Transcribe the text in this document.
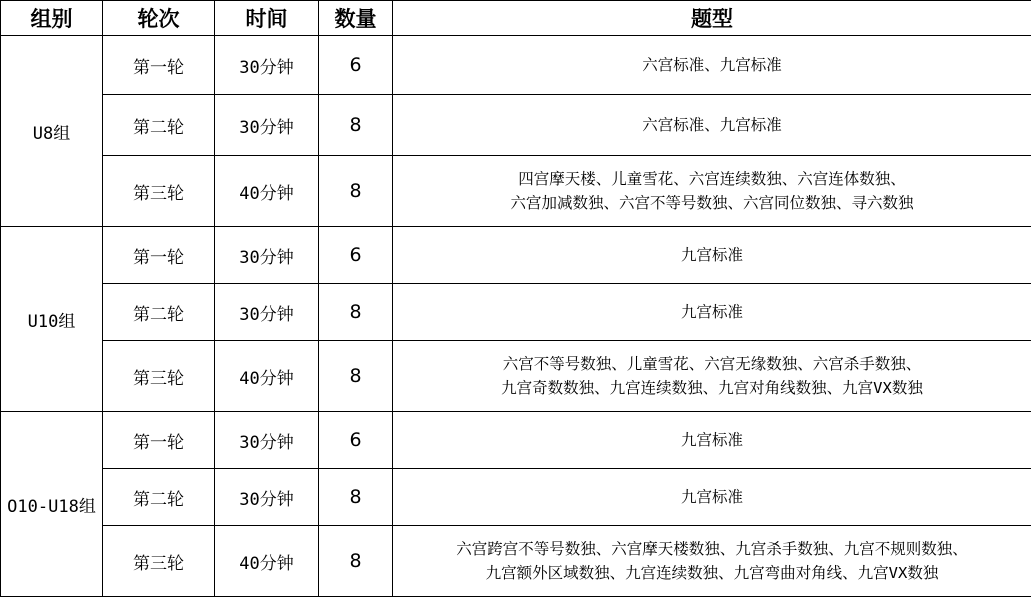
组别	轮次	时间	数量	题型
U8组	第一轮	30分钟	6	六宫标准、九宫标准

	第二轮	30分钟	8	六宫标准、九宫标准

	第三轮	40分钟	8	四宫摩天楼、儿童雪花、六宫连续数独、六宫连体数独、
六宫加减数独、六宫不等号数独、六宫同位数独、寻六数独

U10组	第一轮	30分钟	6	九宫标准

	第二轮	30分钟	8	九宫标准

	第三轮	40分钟	8	六宫不等号数独、儿童雪花、六宫无缘数独、六宫杀手数独、
九宫奇数数独、九宫连续数独、九宫对角线数独、九宫VX数独

O10-U18组	第一轮	30分钟	6	九宫标准

	第二轮	30分钟	8	九宫标准

	第三轮	40分钟	8	六宫跨宫不等号数独、六宫摩天楼数独、九宫杀手数独、九宫不规则数独、
九宫额外区域数独、九宫连续数独、九宫弯曲对角线、九宫VX数独
